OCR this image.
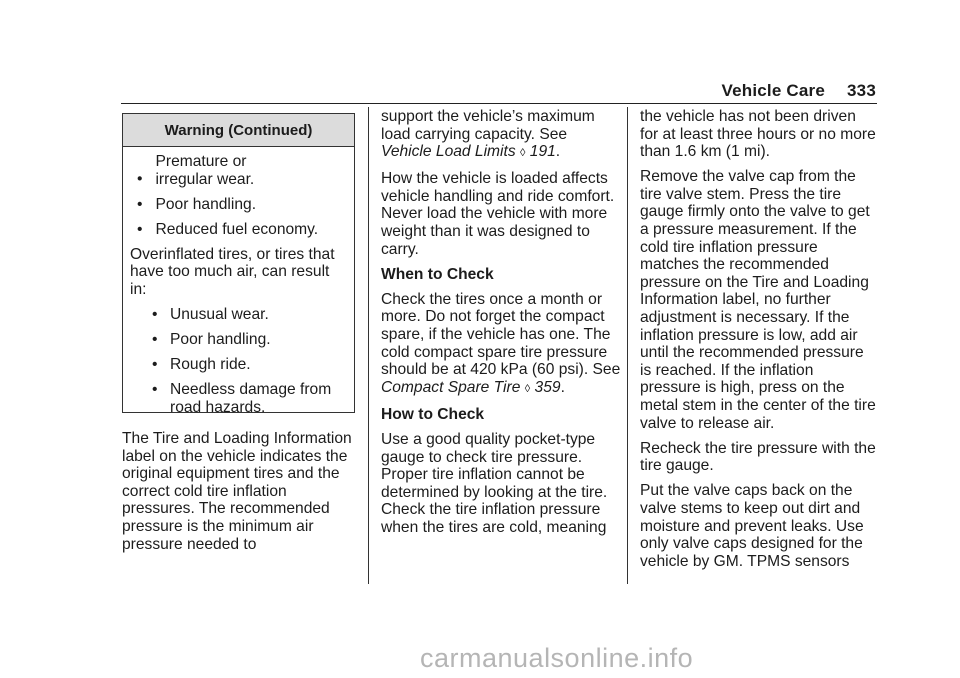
Vehicle Care 333
Warning (Continued)

•   Premature or irregular wear.

• Poor handling.

• Reduced fuel economy.

Overinflated tires, or tires that have too much air, can result in:

• Unusual wear.

• Poor handling.

• Rough ride.

• Needless damage from road hazards.

The Tire and Loading Information label on the vehicle indicates the original equipment tires and the correct cold tire inflation pressures. The recommended pressure is the minimum air pressure needed to

support the vehicle’s maximum load carrying capacity. See
Vehicle Load Limits ◊ 191.

How the vehicle is loaded affects vehicle handling and ride comfort. Never load the vehicle with more weight than it was designed to carry.

When to Check

Check the tires once a month or more. Do not forget the compact spare, if the vehicle has one. The cold compact spare tire pressure should be at 420 kPa (60 psi). See Compact Spare Tire ◊ 359.

How to Check

Use a good quality pocket-type gauge to check tire pressure. Proper tire inflation cannot be determined by looking at the tire. Check the tire inflation pressure when the tires are cold, meaning

the vehicle has not been driven for at least three hours or no more than 1.6 km (1 mi).

Remove the valve cap from the tire valve stem. Press the tire gauge firmly onto the valve to get a pressure measurement. If the cold tire inflation pressure matches the recommended pressure on the Tire and Loading Information label, no further adjustment is necessary. If the inflation pressure is low, add air until the recommended pressure is reached. If the inflation pressure is high, press on the metal stem in the center of the tire valve to release air.

Recheck the tire pressure with the tire gauge.

Put the valve caps back on the valve stems to keep out dirt and moisture and prevent leaks. Use only valve caps designed for the vehicle by GM. TPMS sensors

carmanualsonline.info
